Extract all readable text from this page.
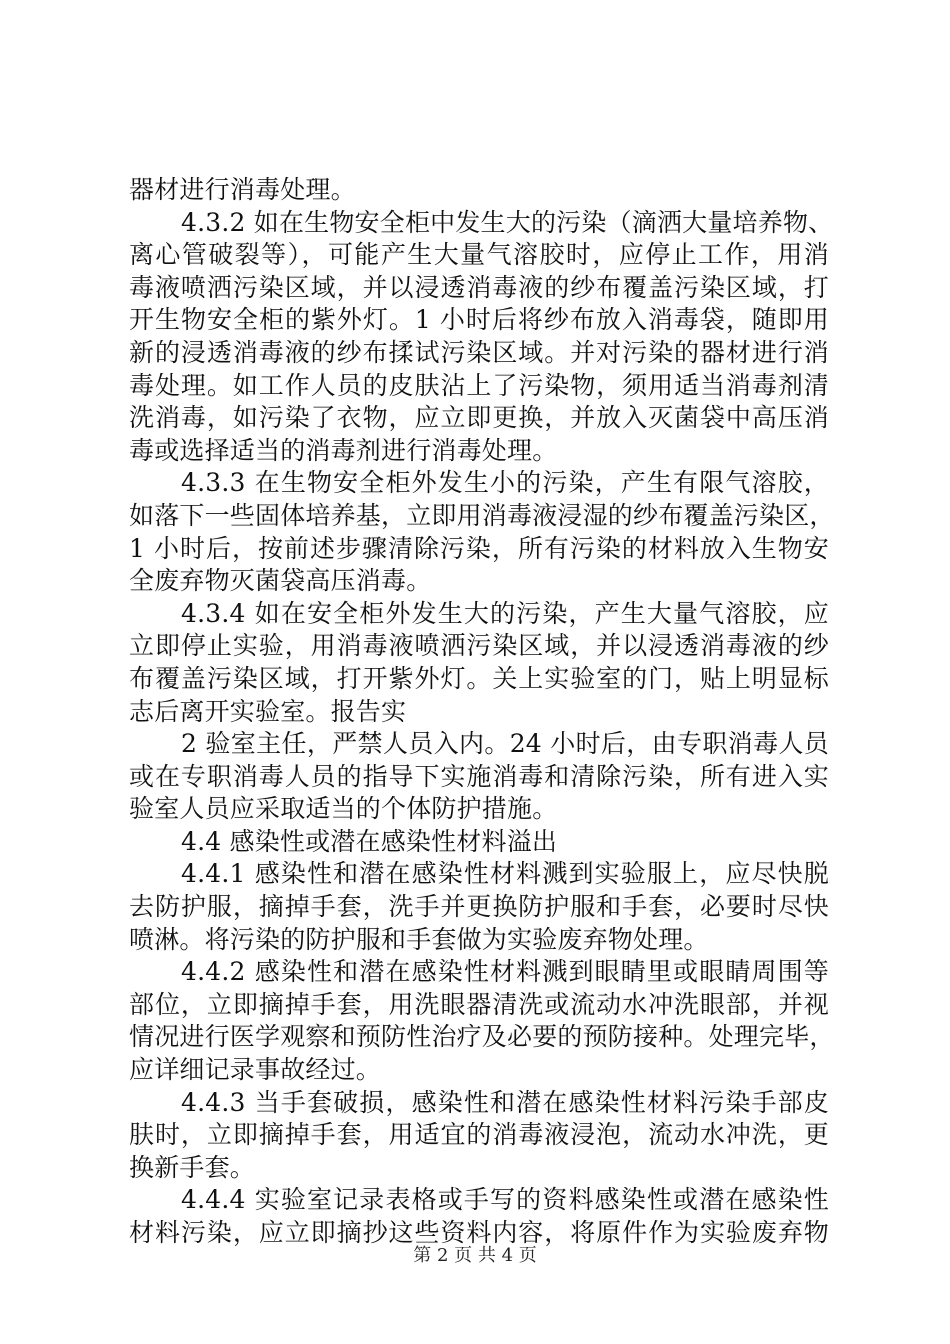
器材进行消毒处理。
4.3.2 如在生物安全柜中发生大的污染（滴洒大量培养物、
离心管破裂等），可能产生大量气溶胶时，应停止工作，用消
毒液喷洒污染区域，并以浸透消毒液的纱布覆盖污染区域，打
开生物安全柜的紫外灯。1 小时后将纱布放入消毒袋，随即用
新的浸透消毒液的纱布揉试污染区域。并对污染的器材进行消
毒处理。如工作人员的皮肤沾上了污染物，须用适当消毒剂清
洗消毒，如污染了衣物，应立即更换，并放入灭菌袋中高压消
毒或选择适当的消毒剂进行消毒处理。
4.3.3 在生物安全柜外发生小的污染，产生有限气溶胶，
如落下一些固体培养基，立即用消毒液浸湿的纱布覆盖污染区，
1 小时后，按前述步骤清除污染，所有污染的材料放入生物安
全废弃物灭菌袋高压消毒。
4.3.4 如在安全柜外发生大的污染，产生大量气溶胶，应
立即停止实验，用消毒液喷洒污染区域，并以浸透消毒液的纱
布覆盖污染区域，打开紫外灯。关上实验室的门，贴上明显标
志后离开实验室。报告实
2 验室主任，严禁人员入内。24 小时后，由专职消毒人员
或在专职消毒人员的指导下实施消毒和清除污染，所有进入实
验室人员应采取适当的个体防护措施。
4.4 感染性或潜在感染性材料溢出
4.4.1 感染性和潜在感染性材料溅到实验服上，应尽快脱
去防护服，摘掉手套，洗手并更换防护服和手套，必要时尽快
喷淋。将污染的防护服和手套做为实验废弃物处理。
4.4.2 感染性和潜在感染性材料溅到眼睛里或眼睛周围等
部位，立即摘掉手套，用洗眼器清洗或流动水冲洗眼部，并视
情况进行医学观察和预防性治疗及必要的预防接种。处理完毕，
应详细记录事故经过。
4.4.3 当手套破损，感染性和潜在感染性材料污染手部皮
肤时，立即摘掉手套，用适宜的消毒液浸泡，流动水冲洗，更
换新手套。
4.4.4 实验室记录表格或手写的资料感染性或潜在感染性
材料污染，应立即摘抄这些资料内容，将原件作为实验废弃物
第 2 页 共 4 页
